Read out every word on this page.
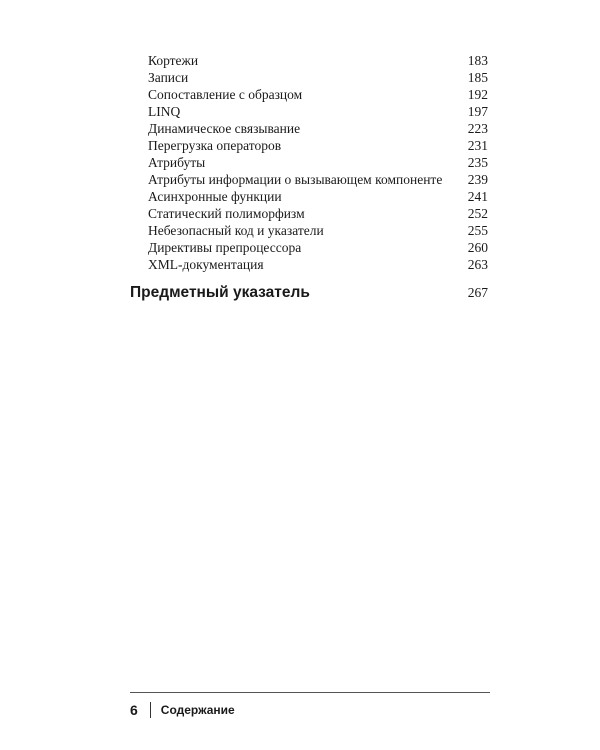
Кортежи	183
Записи	185
Сопоставление с образцом	192
LINQ	197
Динамическое связывание	223
Перегрузка операторов	231
Атрибуты	235
Атрибуты информации о вызывающем компоненте 239
Асинхронные функции	241
Статический полиморфизм	252
Небезопасный код и указатели	255
Директивы препроцессора	260
XML-документация	263
Предметный указатель	267
6 Содержание
